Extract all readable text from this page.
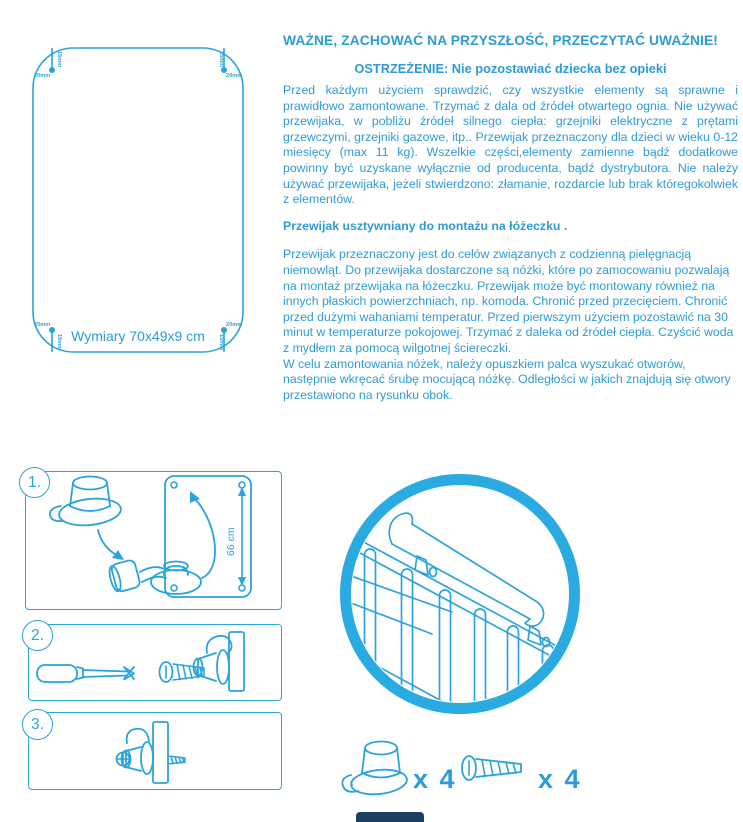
15mm
20mm
15mm
20mm
15mm
20mm
15mm
20mm
Wymiary 70x49x9 cm
WAŻNE, ZACHOWAĆ NA PRZYSZŁOŚĆ, PRZECZYTAĆ UWAŻNIE!
OSTRZEŻENIE: Nie pozostawiać dziecka bez opieki

Przed każdym użyciem sprawdzić, czy wszystkie elementy są sprawne i prawidłowo zamontowane. Trzymać z dala od źródeł otwartego ognia. Nie używać przewijaka, w pobliżu źródeł silnego ciepła: grzejniki elektryczne z prętami grzewczymi, grzejniki gazowe, itp.. Przewijak przeznaczony dla dzieci w wieku 0-12 miesięcy (max 11 kg). Wszelkie części,elementy zamienne bądź dodatkowe powinny być uzyskane wyłącznie od producenta, bądź dystrybutora. Nie należy używać przewijaka, jeżeli stwierdzono: złamanie, rozdarcie lub brak któregokolwiek z elementów.

Przewijak usztywniany do montażu na łóżeczku .

Przewijak przeznaczony jest do celów związanych z codzienną pielęgnacją niemowląt. Do przewijaka dostarczone są nóżki, które po zamocowaniu pozwalają na montaż przewijaka na łóżeczku. Przewijak może być montowany również na innych płaskich powierzchniach, np. komoda. Chronić przed przecięciem. Chronić przed dużymi wahaniami temperatur. Przed pierwszym użyciem pozostawić na 30 minut w temperaturze pokojowej. Trzymać z daleka od źródeł ciepła. Czyścić woda z mydłem za pomocą wilgotnej ściereczki.

W celu zamontowania nóżek, należy opuszkiem palca wyszukać otworów, następnie wkręcać śrubę mocującą nóżkę. Odległości w jakich znajdują się otwory przestawiono na rysunku obok.

66 cm
1.
2.
3.
x 4	x 4
